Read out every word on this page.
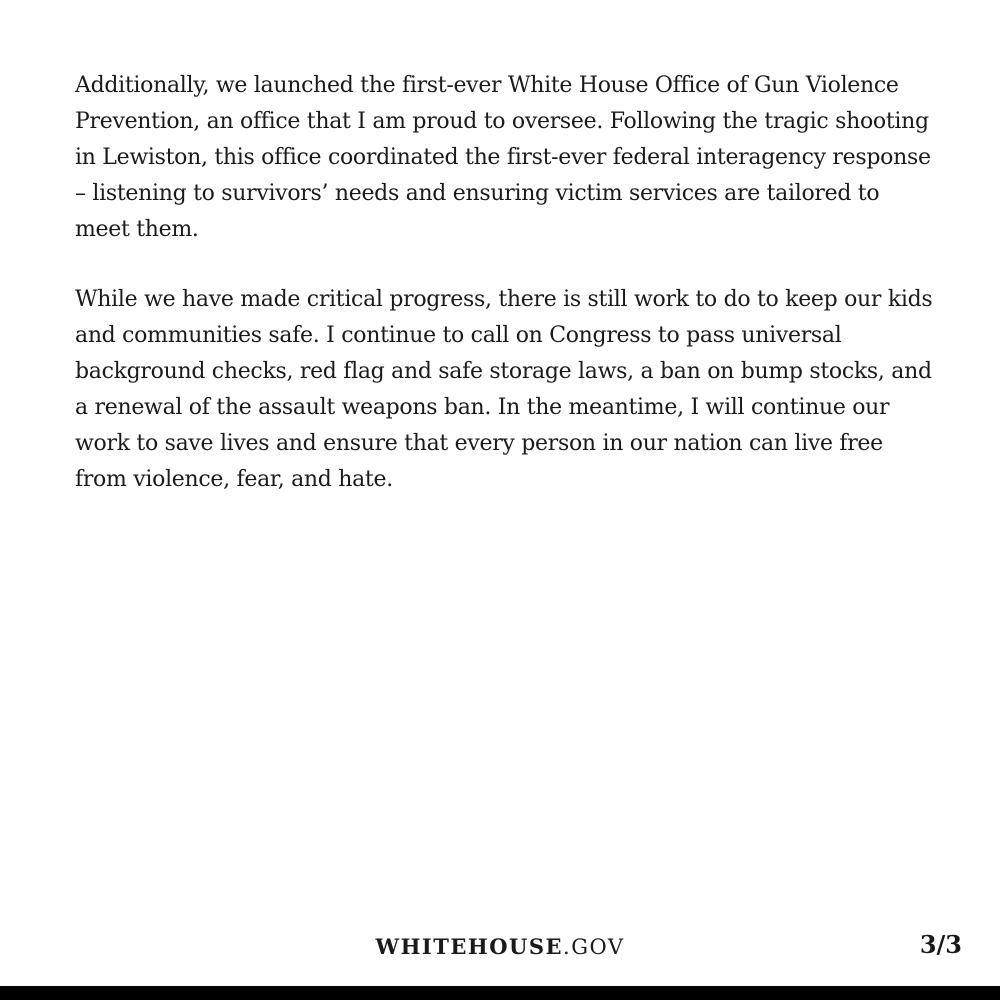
Additionally, we launched the first-ever White House Office of Gun Violence Prevention, an office that I am proud to oversee. Following the tragic shooting in Lewiston, this office coordinated the first-ever federal interagency response – listening to survivors’ needs and ensuring victim services are tailored to meet them.

While we have made critical progress, there is still work to do to keep our kids and communities safe. I continue to call on Congress to pass universal background checks, red flag and safe storage laws, a ban on bump stocks, and a renewal of the assault weapons ban. In the meantime, I will continue our work to save lives and ensure that every person in our nation can live free from violence, fear, and hate.

WHITEHOUSE.GOV	3/3
